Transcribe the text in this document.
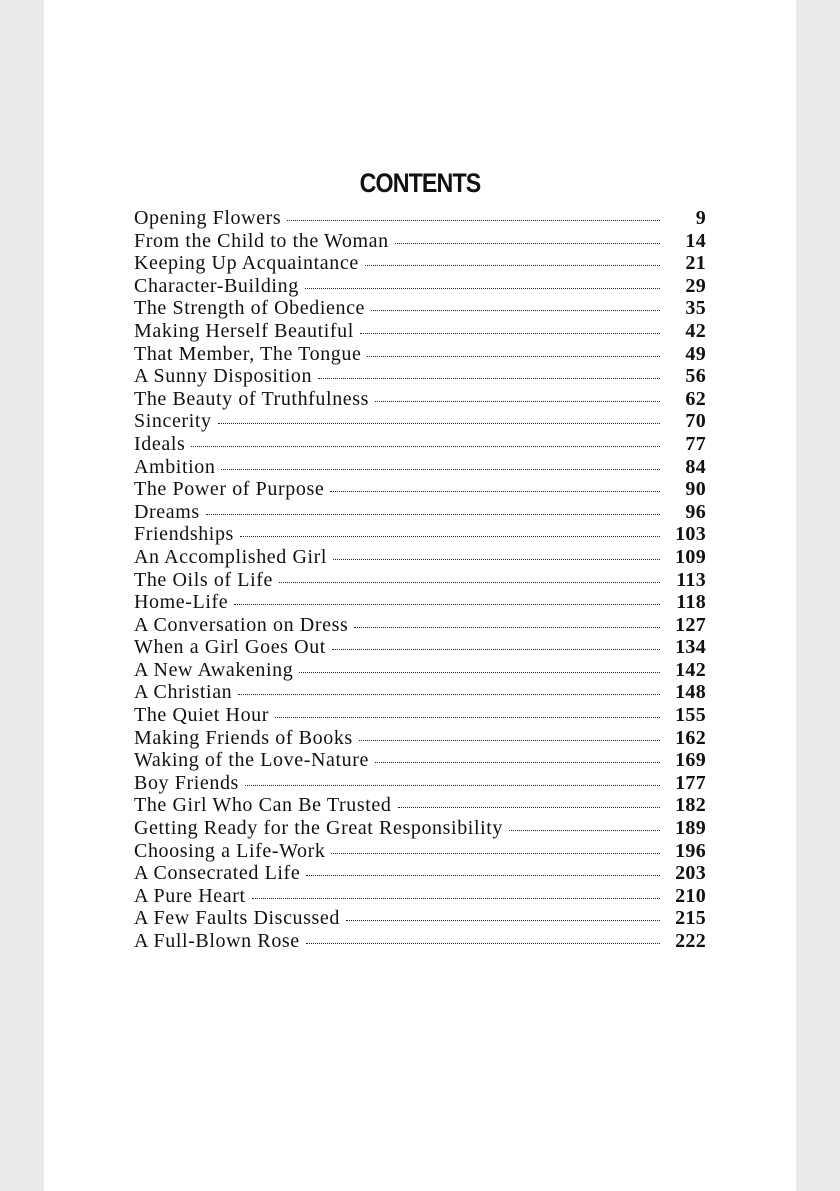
CONTENTS
Opening Flowers	9
From the Child to the Woman	14
Keeping Up Acquaintance	21
Character-Building	29
The Strength of Obedience	35
Making Herself Beautiful	42
That Member, The Tongue	49
A Sunny Disposition	56
The Beauty of Truthfulness	62
Sincerity	70
Ideals	77
Ambition	84
The Power of Purpose	90
Dreams	96
Friendships	103
An Accomplished Girl	109
The Oils of Life	113
Home-Life	118
A Conversation on Dress	127
When a Girl Goes Out	134
A New Awakening	142
A Christian	148
The Quiet Hour	155
Making Friends of Books	162
Waking of the Love-Nature	169
Boy Friends	177
The Girl Who Can Be Trusted	182
Getting Ready for the Great Responsibility	189
Choosing a Life-Work	196
A Consecrated Life	203
A Pure Heart	210
A Few Faults Discussed	215
A Full-Blown Rose	222
